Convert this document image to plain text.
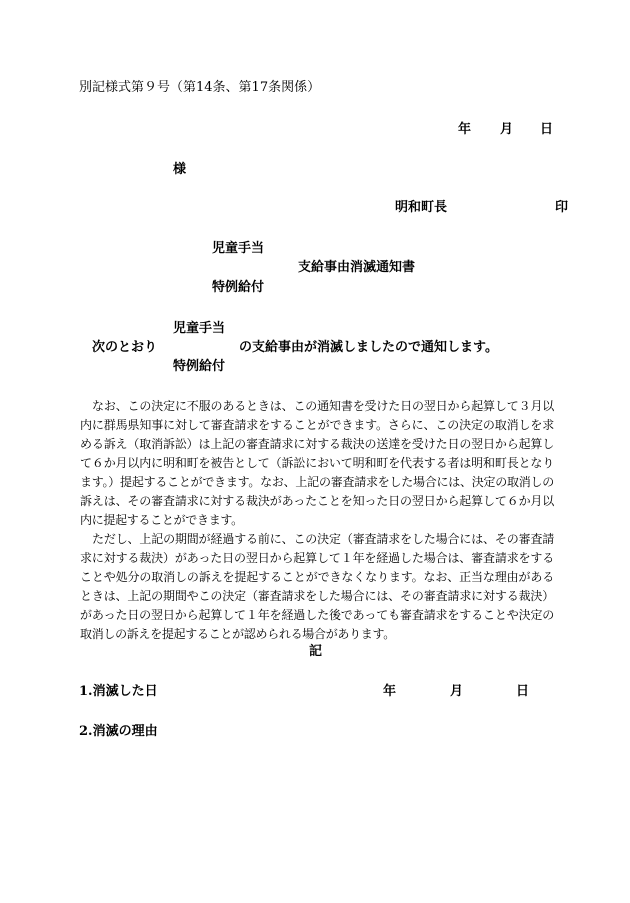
別記様式第９号（第14条、第17条関係）
年 月 日
様
明和町長	印
児童手当
支給事由消滅通知書
特例給付
児童手当
次のとおり	の支給事由が消滅しましたので通知します。
特例給付

なお、この決定に不服のあるときは、この通知書を受けた日の翌日から起算して３月以内に群馬県知事に対して審査請求をすることができます。さらに、この決定の取消しを求める訴え（取消訴訟）は上記の審査請求に対する裁決の送達を受けた日の翌日から起算して６か月以内に明和町を被告として（訴訟において明和町を代表する者は明和町長となります。）提起することができます。なお、上記の審査請求をした場合には、決定の取消しの訴えは、その審査請求に対する裁決があったことを知った日の翌日から起算して６か月以内に提起することができます。

ただし、上記の期間が経過する前に、この決定（審査請求をした場合には、その審査請求に対する裁決）があった日の翌日から起算して１年を経過した場合は、審査請求をすることや処分の取消しの訴えを提起することができなくなります。なお、正当な理由があるときは、上記の期間やこの決定（審査請求をした場合には、その審査請求に対する裁決）があった日の翌日から起算して１年を経過した後であっても審査請求をすることや決定の取消しの訴えを提起することが認められる場合があります。

記
1.消滅した日	年	月	日
2.消滅の理由
